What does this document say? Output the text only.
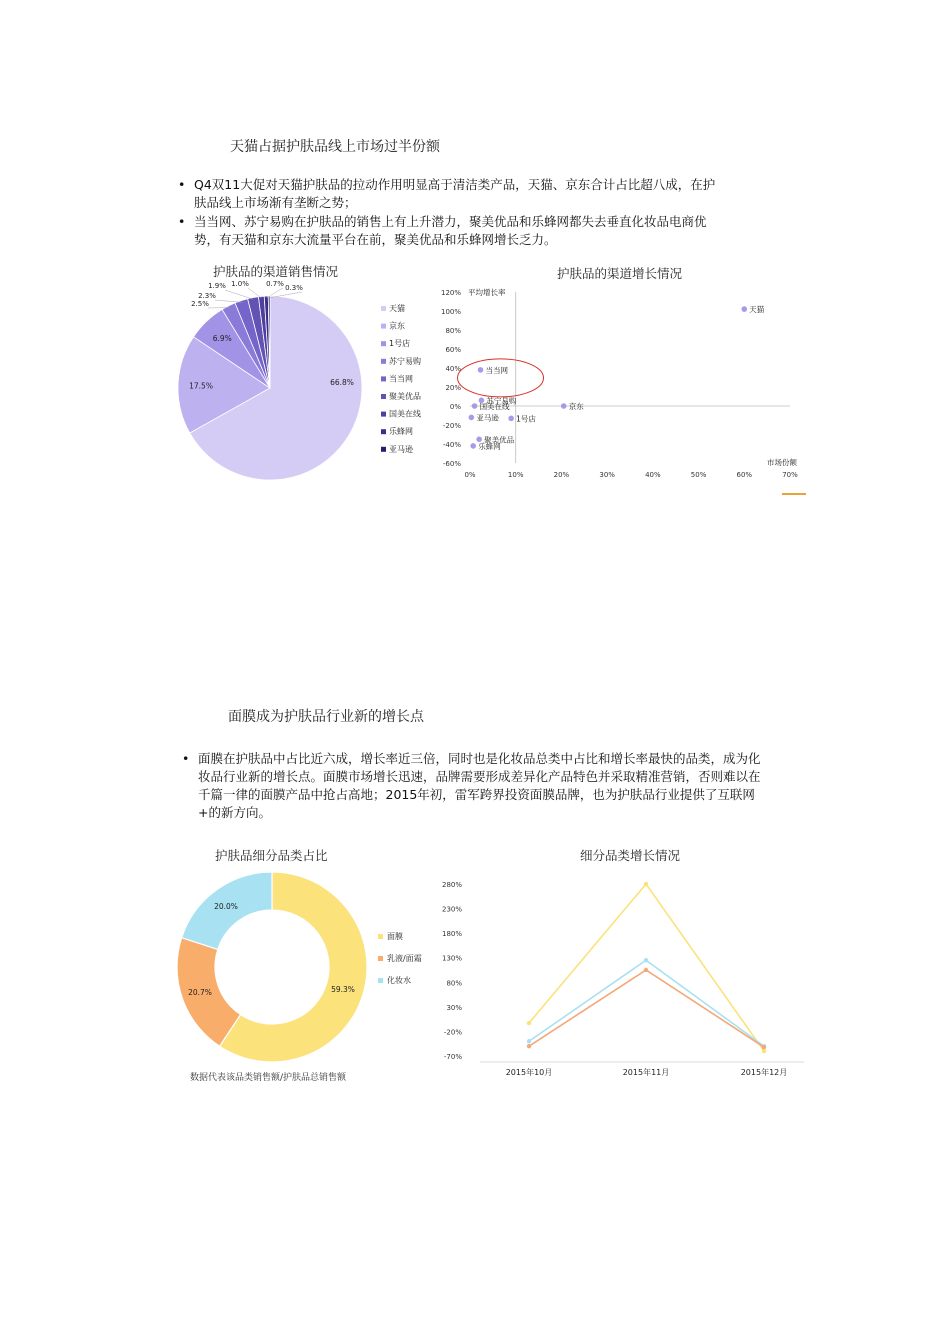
天猫占据护肤品线上市场过半份额
• Q4双11大促对天猫护肤品的拉动作用明显高于清洁类产品，天猫、京东合计占比超八成，在护肤品线上市场渐有垄断之势；
• 当当网、苏宁易购在护肤品的销售上有上升潜力，聚美优品和乐蜂网都失去垂直化妆品电商优势，有天猫和京东大流量平台在前，聚美优品和乐蜂网增长乏力。
护肤品的渠道销售情况
66.8%
17.5%
6.9%
2.5%
2.3%
1.9% 1.0% 0.7% 0.3%
天猫
京东
1号店
苏宁易购
当当网
聚美优品
国美在线
乐蜂网
亚马逊
护肤品的渠道增长情况
120%
100%
80%
60%
40%
20%
0%
-20%
-40%
-60%
0%	10%	20%	30%	40%	50%	60%	70%
平均增长率
市场份额
天猫
京东
当当网
苏宁易购
国美在线
亚马逊 1号店
聚美优品
乐蜂网
面膜成为护肤品行业新的增长点
• 面膜在护肤品中占比近六成，增长率近三倍，同时也是化妆品总类中占比和增长率最快的品类，成为化妆品行业新的增长点。面膜市场增长迅速，品牌需要形成差异化产品特色并采取精准营销，否则难以在千篇一律的面膜产品中抢占高地；2015年初，雷军跨界投资面膜品牌，也为护肤品行业提供了互联网+的新方向。
护肤品细分品类占比
59.3%
20.7%
20.0%
面膜
乳液/面霜
化妆水
数据代表该品类销售额/护肤品总销售额
细分品类增长情况
280%
230%
180%
130%
80%
30%
-20%
-70%
2015年10月	2015年11月	2015年12月
